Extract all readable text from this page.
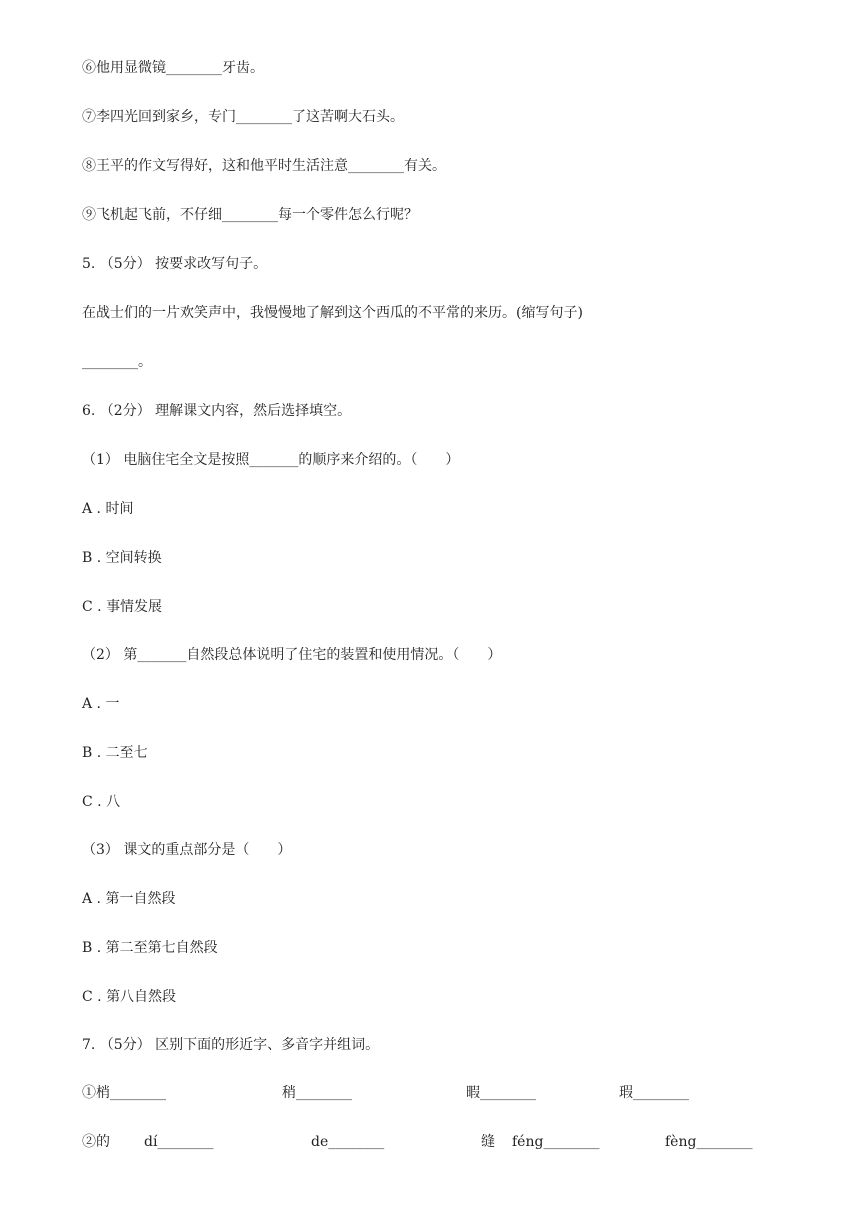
⑥他用显微镜________牙齿。
⑦李四光回到家乡，专门________了这苦啊大石头。
⑧王平的作文写得好，这和他平时生活注意________有关。
⑨飞机起飞前，不仔细________每一个零件怎么行呢？
5. （5分） 按要求改写句子。
在战士们的一片欢笑声中，我慢慢地了解到这个西瓜的不平常的来历。(缩写句子)
________。
6. （2分） 理解课文内容，然后选择填空。
（1） 电脑住宅全文是按照_______的顺序来介绍的。（　　）
A . 时间
B . 空间转换
C . 事情发展
（2） 第_______自然段总体说明了住宅的装置和使用情况。（　　）
A . 一
B . 二至七
C . 八
（3） 课文的重点部分是（　　）
A . 第一自然段
B . 第二至第七自然段
C . 第八自然段
7. （5分） 区别下面的形近字、多音字并组词。
①梢________	稍________	暇________	瑕________
②的 dí________	de________	缝 féng________	fèng________
